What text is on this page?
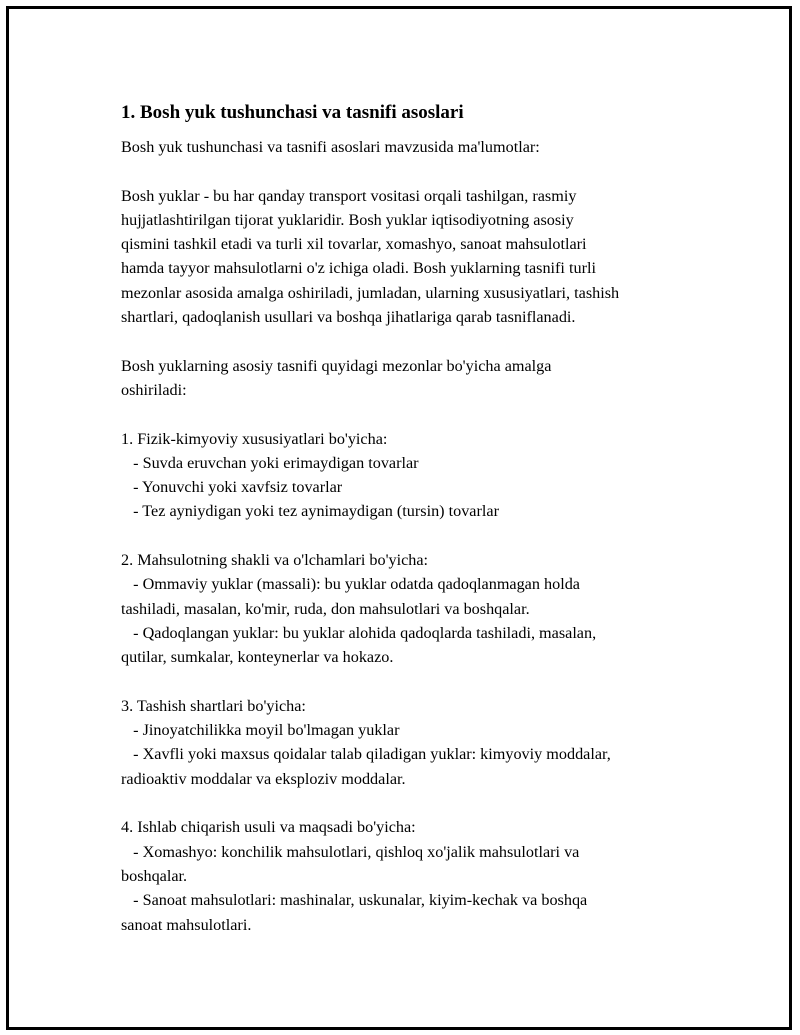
1. Bosh yuk tushunchasi va tasnifi asoslari
Bosh yuk tushunchasi va tasnifi asoslari mavzusida ma'lumotlar:
Bosh yuklar - bu har qanday transport vositasi orqali tashilgan, rasmiy
hujjatlashtirilgan tijorat yuklaridir. Bosh yuklar iqtisodiyotning asosiy
qismini tashkil etadi va turli xil tovarlar, xomashyo, sanoat mahsulotlari
hamda tayyor mahsulotlarni o'z ichiga oladi. Bosh yuklarning tasnifi turli
mezonlar asosida amalga oshiriladi, jumladan, ularning xususiyatlari, tashish
shartlari, qadoqlanish usullari va boshqa jihatlariga qarab tasniflanadi.
Bosh yuklarning asosiy tasnifi quyidagi mezonlar bo'yicha amalga
oshiriladi:
1. Fizik-kimyoviy xususiyatlari bo'yicha:
- Suvda eruvchan yoki erimaydigan tovarlar
- Yonuvchi yoki xavfsiz tovarlar
- Tez ayniydigan yoki tez aynimaydigan (tursin) tovarlar
2. Mahsulotning shakli va o'lchamlari bo'yicha:
- Ommaviy yuklar (massali): bu yuklar odatda qadoqlanmagan holda
tashiladi, masalan, ko'mir, ruda, don mahsulotlari va boshqalar.
- Qadoqlangan yuklar: bu yuklar alohida qadoqlarda tashiladi, masalan,
qutilar, sumkalar, konteynerlar va hokazo.
3. Tashish shartlari bo'yicha:
- Jinoyatchilikka moyil bo'lmagan yuklar
- Xavfli yoki maxsus qoidalar talab qiladigan yuklar: kimyoviy moddalar,
radioaktiv moddalar va eksploziv moddalar.
4. Ishlab chiqarish usuli va maqsadi bo'yicha:
- Xomashyo: konchilik mahsulotlari, qishloq xo'jalik mahsulotlari va
boshqalar.
- Sanoat mahsulotlari: mashinalar, uskunalar, kiyim-kechak va boshqa
sanoat mahsulotlari.
